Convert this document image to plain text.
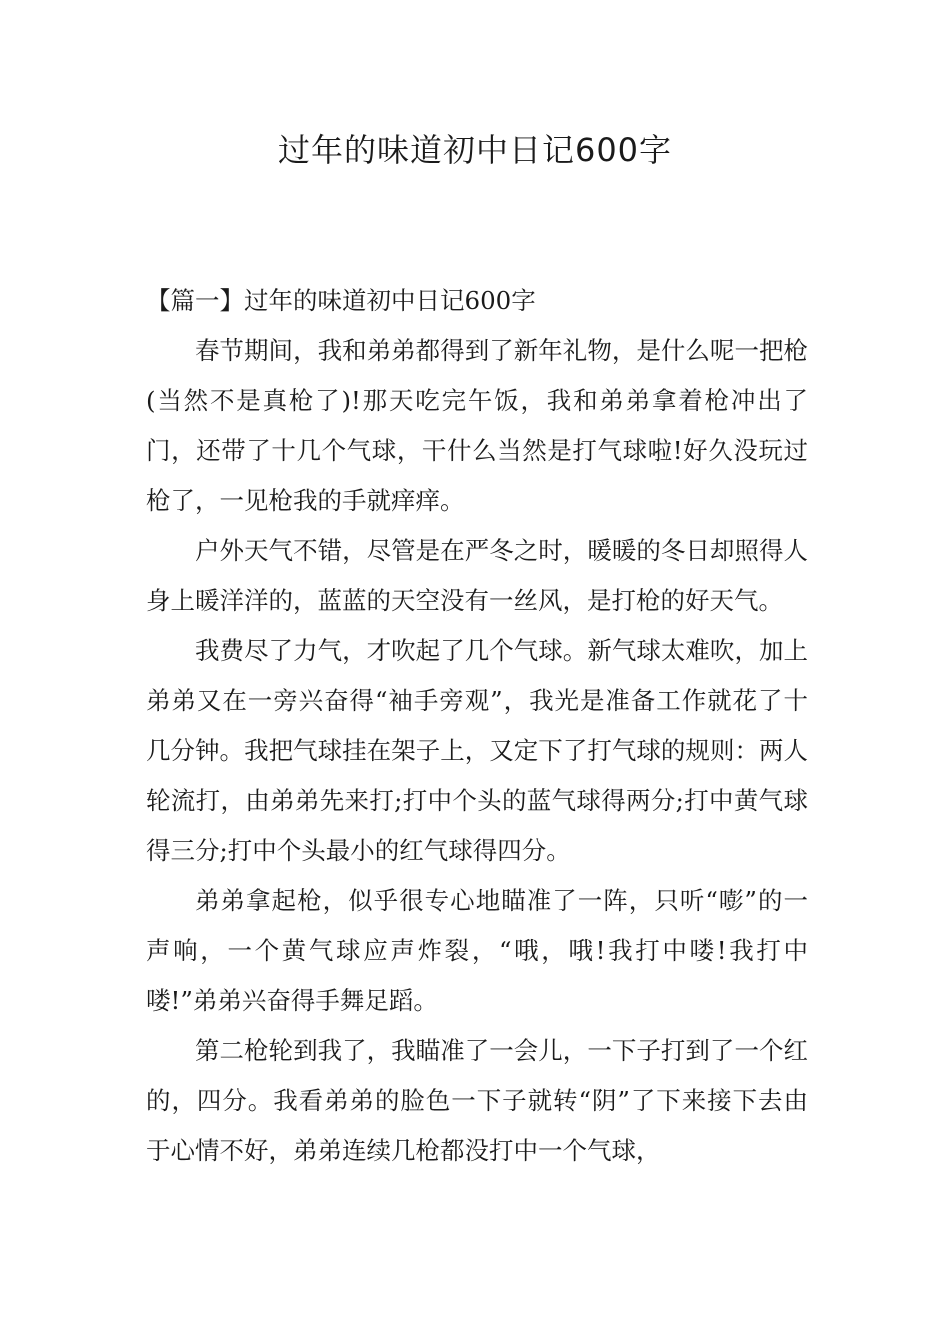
过年的味道初中日记600字
【篇一】过年的味道初中日记600字

春节期间，我和弟弟都得到了新年礼物，是什么呢一把枪(当然不是真枪了)!那天吃完午饭，我和弟弟拿着枪冲出了门，还带了十几个气球，干什么当然是打气球啦!好久没玩过枪了，一见枪我的手就痒痒。

户外天气不错，尽管是在严冬之时，暖暖的冬日却照得人身上暖洋洋的，蓝蓝的天空没有一丝风，是打枪的好天气。

我费尽了力气，才吹起了几个气球。新气球太难吹，加上弟弟又在一旁兴奋得“袖手旁观”，我光是准备工作就花了十几分钟。我把气球挂在架子上，又定下了打气球的规则：两人轮流打，由弟弟先来打;打中个头的蓝气球得两分;打中黄气球得三分;打中个头最小的红气球得四分。

弟弟拿起枪，似乎很专心地瞄准了一阵，只听“嘭”的一声响，一个黄气球应声炸裂，“哦，哦!我打中喽!我打中喽!”弟弟兴奋得手舞足蹈。

第二枪轮到我了，我瞄准了一会儿，一下子打到了一个红的，四分。我看弟弟的脸色一下子就转“阴”了下来接下去由于心情不好，弟弟连续几枪都没打中一个气球，
